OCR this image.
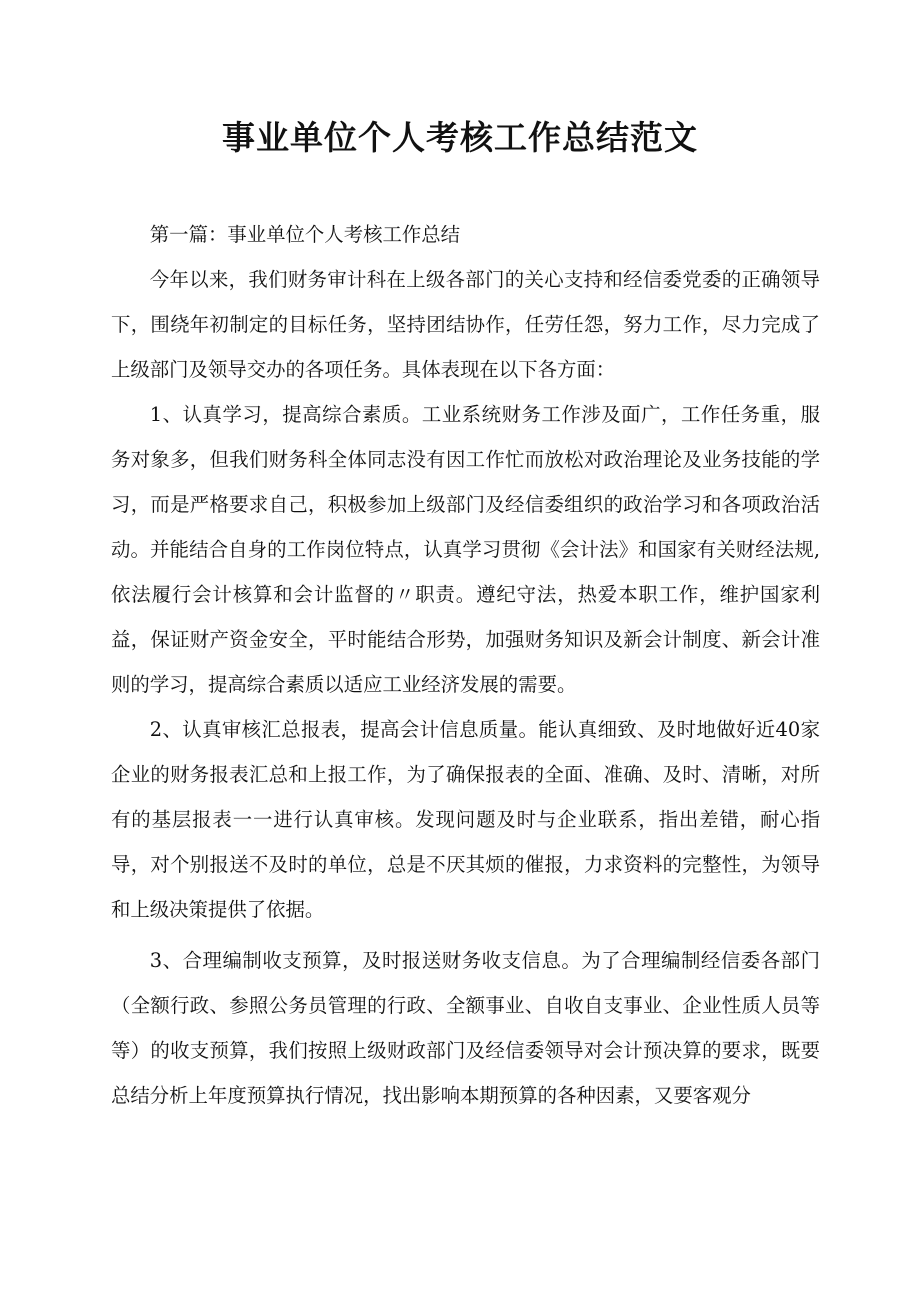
事业单位个人考核工作总结范文

第一篇：事业单位个人考核工作总结

今年以来，我们财务审计科在上级各部门的关心支持和经信委党委的正确领导下，围绕年初制定的目标任务，坚持团结协作，任劳任怨，努力工作，尽力完成了上级部门及领导交办的各项任务。具体表现在以下各方面：

1、认真学习，提高综合素质。工业系统财务工作涉及面广，工作任务重，服务对象多，但我们财务科全体同志没有因工作忙而放松对政治理论及业务技能的学习，而是严格要求自己，积极参加上级部门及经信委组织的政治学习和各项政治活动。并能结合自身的工作岗位特点，认真学习贯彻《会计法》和国家有关财经法规,依法履行会计核算和会计监督的〃职责。遵纪守法，热爱本职工作，维护国家利益，保证财产资金安全，平时能结合形势，加强财务知识及新会计制度、新会计准则的学习，提高综合素质以适应工业经济发展的需要。

2、认真审核汇总报表，提高会计信息质量。能认真细致、及时地做好近40家企业的财务报表汇总和上报工作，为了确保报表的全面、准确、及时、清晰，对所有的基层报表一一进行认真审核。发现问题及时与企业联系，指出差错，耐心指导，对个别报送不及时的单位，总是不厌其烦的催报，力求资料的完整性，为领导和上级决策提供了依据。

3、合理编制收支预算，及时报送财务收支信息。为了合理编制经信委各部门（全额行政、参照公务员管理的行政、全额事业、自收自支事业、企业性质人员等等）的收支预算，我们按照上级财政部门及经信委领导对会计预决算的要求，既要总结分析上年度预算执行情况，找出影响本期预算的各种因素，又要客观分
